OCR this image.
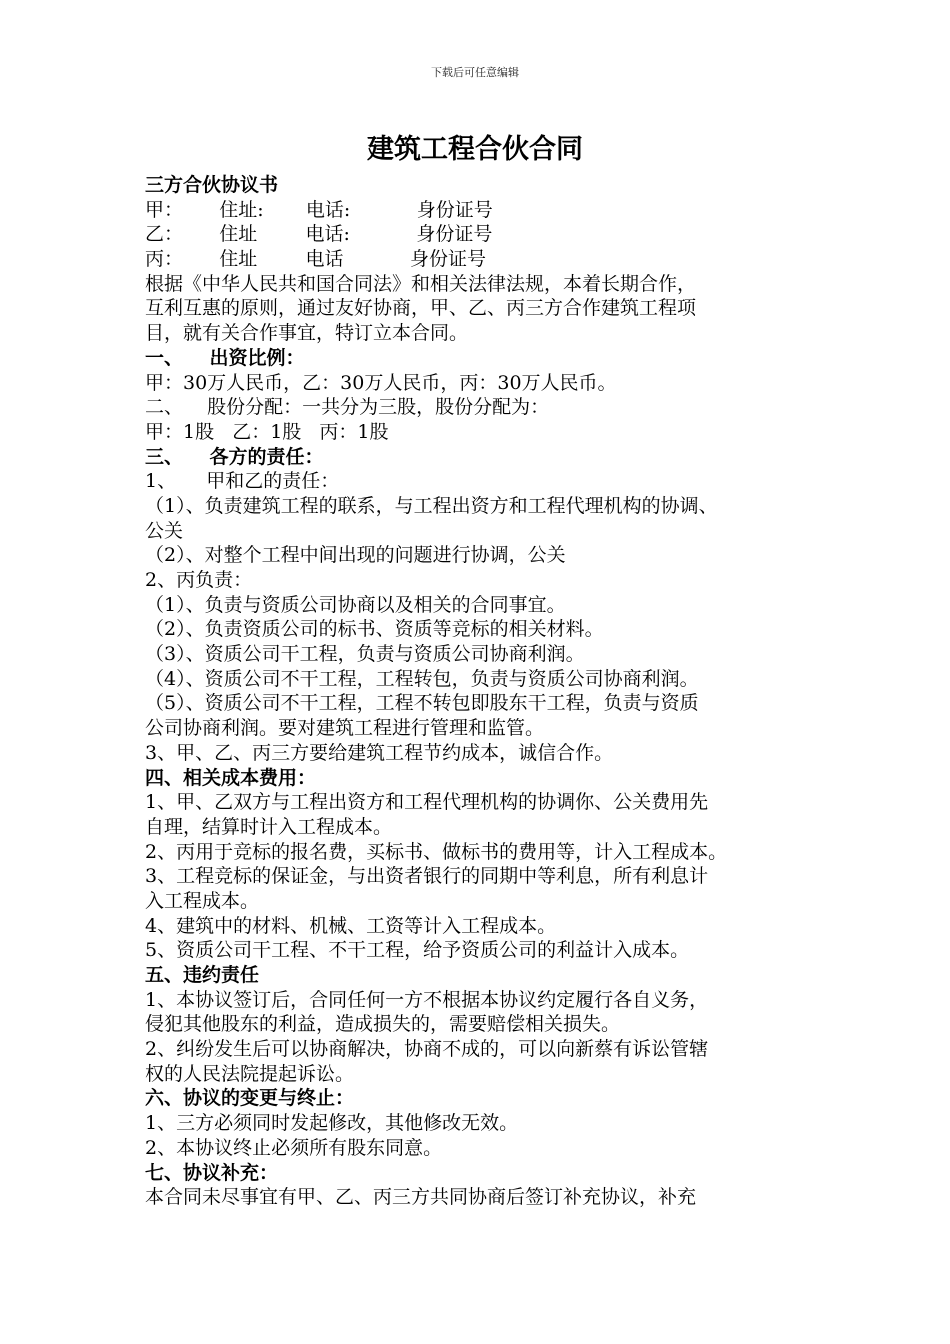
下载后可任意编辑
建筑工程合伙合同
三方合伙协议书
甲：      住址:       电话:           身份证号
乙：      住址        电话:           身份证号
丙：      住址        电话           身份证号
根据《中华人民共和国合同法》和相关法律法规，本着长期合作，
互利互惠的原则，通过友好协商，甲、乙、丙三方合作建筑工程项
目，就有关合作事宜，特订立本合同。
一、    出资比例：
甲：30万人民币，乙：30万人民币，丙：30万人民币。
二、    股份分配：一共分为三股，股份分配为：
甲：1股   乙：1股   丙：1股
三、    各方的责任：
1、     甲和乙的责任：
（1）、负责建筑工程的联系，与工程出资方和工程代理机构的协调、
公关
（2）、对整个工程中间出现的问题进行协调，公关
2、丙负责：
（1）、负责与资质公司协商以及相关的合同事宜。
（2）、负责资质公司的标书、资质等竞标的相关材料。
（3）、资质公司干工程，负责与资质公司协商利润。
（4）、资质公司不干工程，工程转包，负责与资质公司协商利润。
（5）、资质公司不干工程，工程不转包即股东干工程，负责与资质
公司协商利润。要对建筑工程进行管理和监管。
3、甲、乙、丙三方要给建筑工程节约成本，诚信合作。
四、相关成本费用：
1、甲、乙双方与工程出资方和工程代理机构的协调你、公关费用先
自理，结算时计入工程成本。
2、丙用于竞标的报名费，买标书、做标书的费用等，计入工程成本。
3、工程竞标的保证金，与出资者银行的同期中等利息，所有利息计
入工程成本。
4、建筑中的材料、机械、工资等计入工程成本。
5、资质公司干工程、不干工程，给予资质公司的利益计入成本。
五、违约责任
1、本协议签订后，合同任何一方不根据本协议约定履行各自义务，
侵犯其他股东的利益，造成损失的，需要赔偿相关损失。
2、纠纷发生后可以协商解决，协商不成的，可以向新蔡有诉讼管辖
权的人民法院提起诉讼。
六、协议的变更与终止：
1、三方必须同时发起修改，其他修改无效。
2、本协议终止必须所有股东同意。
七、协议补充：
本合同未尽事宜有甲、乙、丙三方共同协商后签订补充协议，补充
